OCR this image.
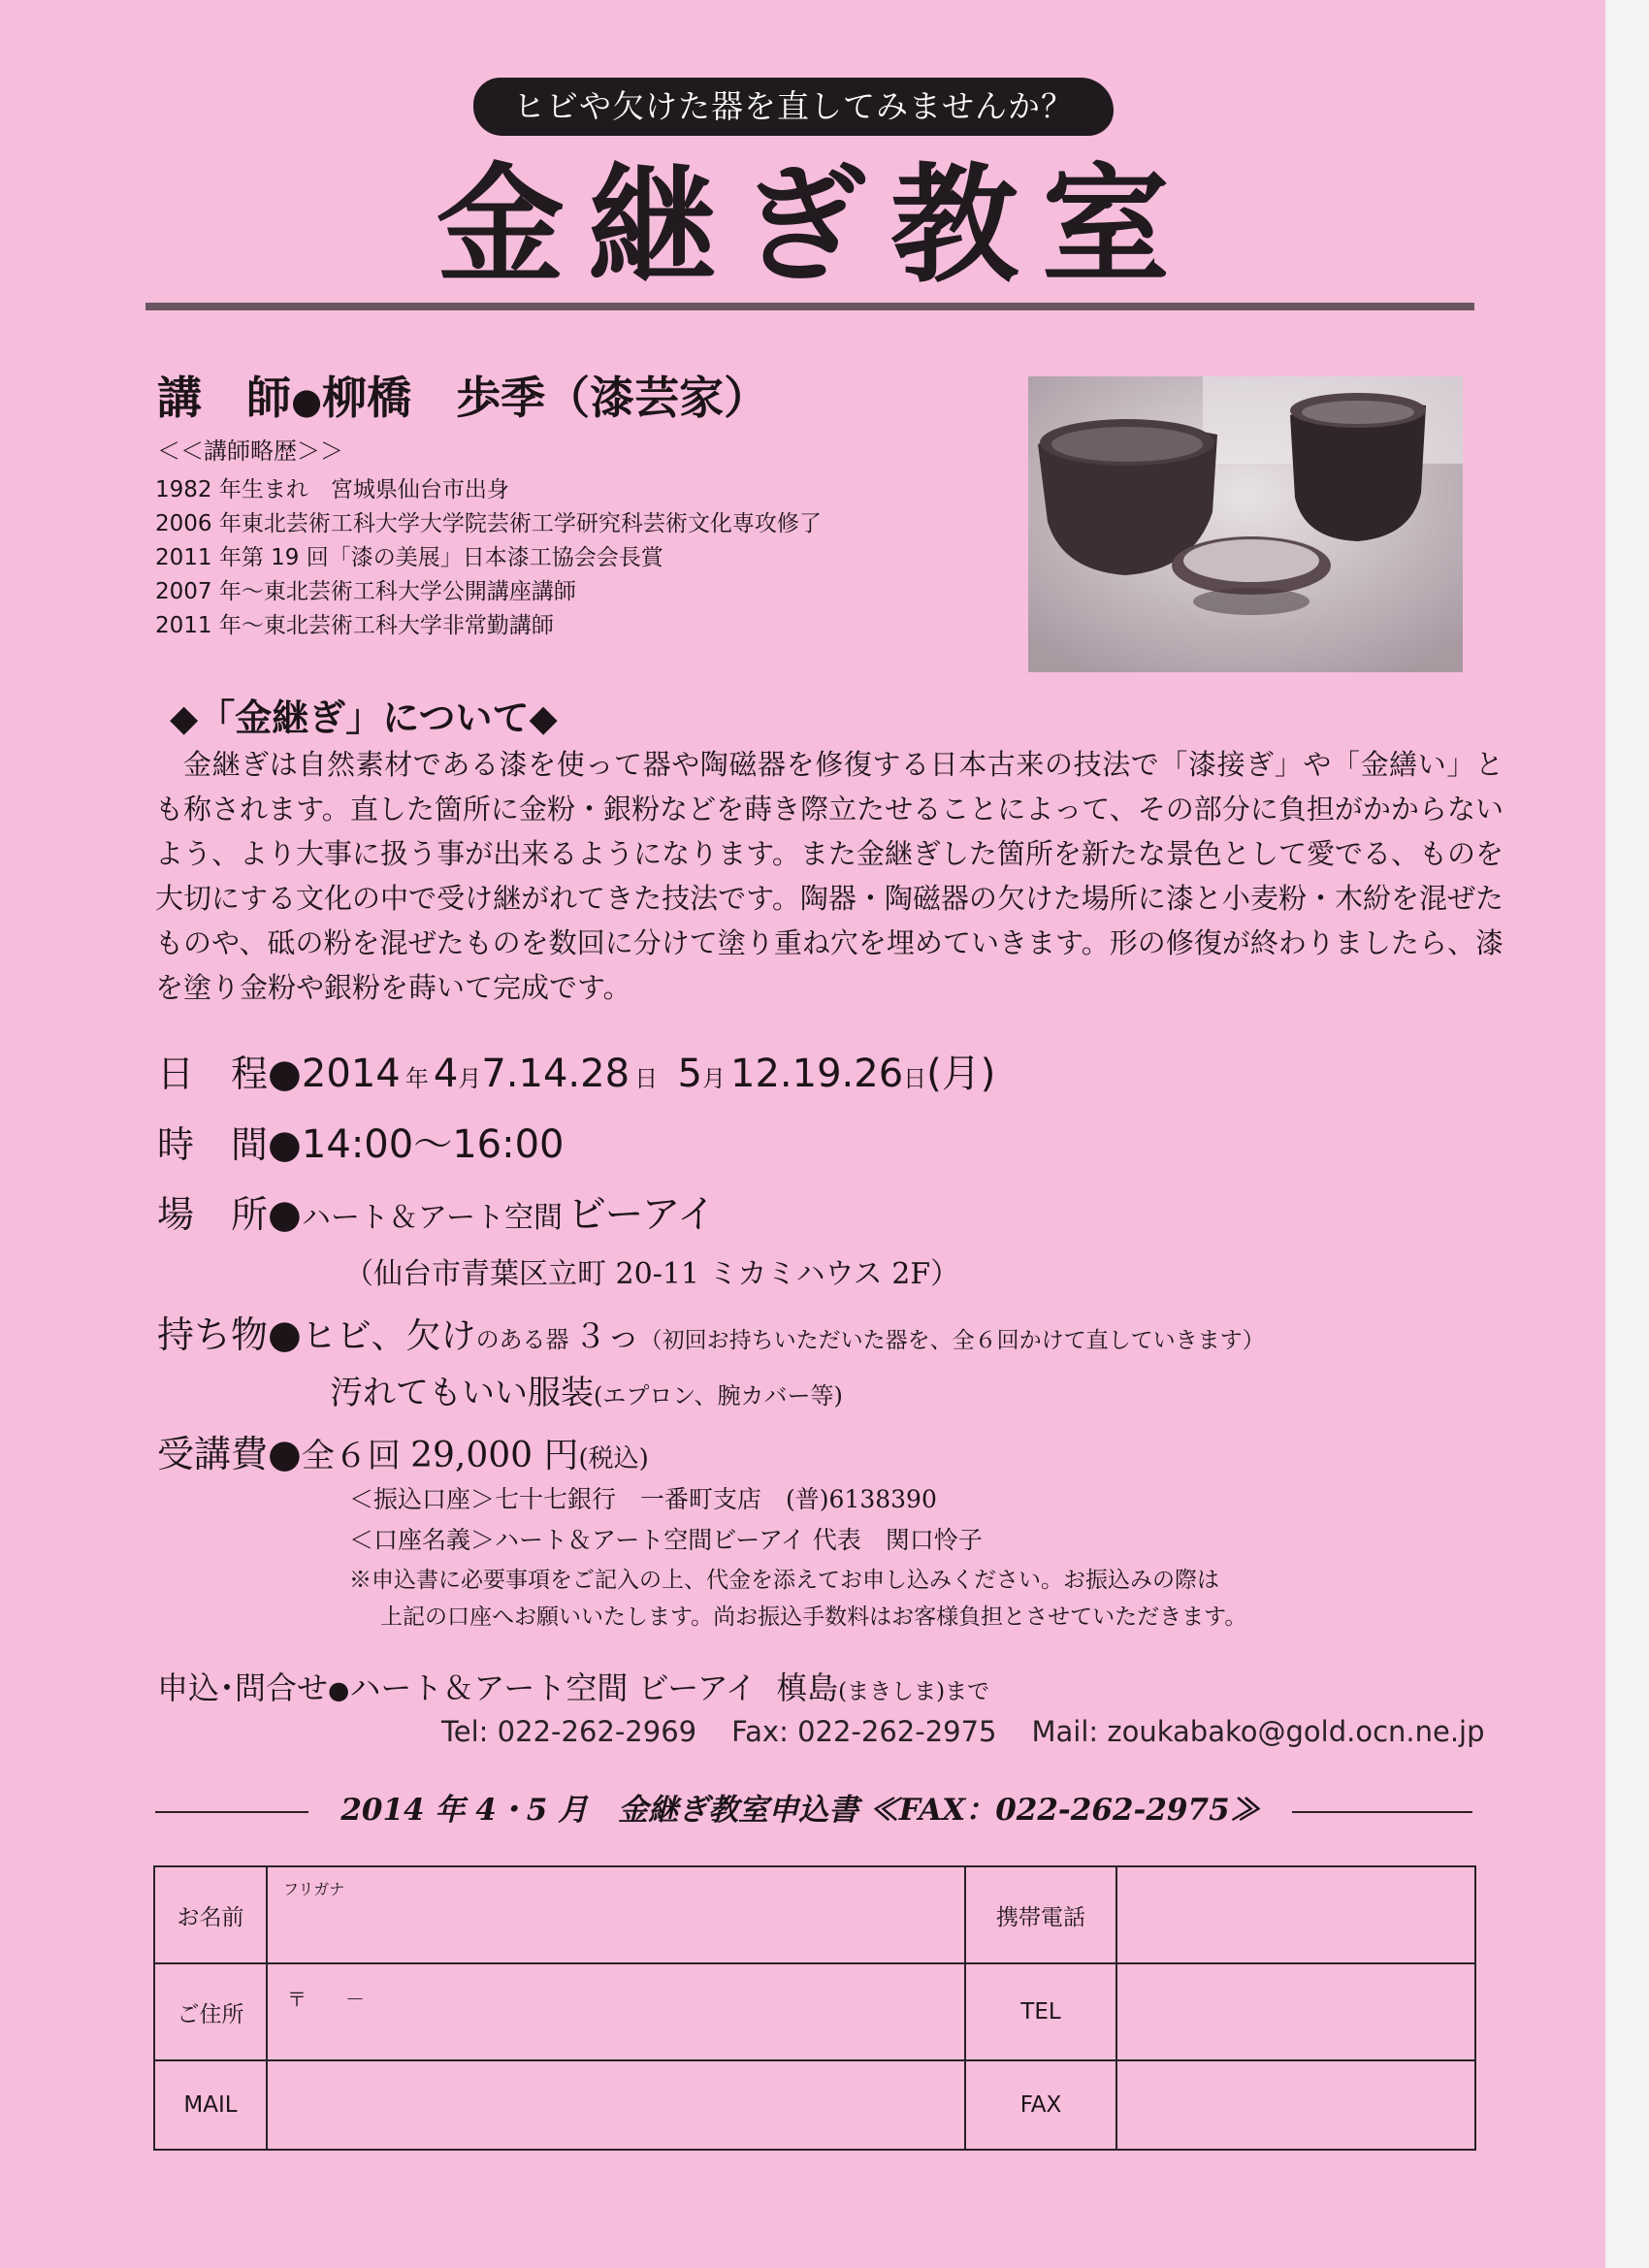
ヒビや欠けた器を直してみませんか？
金継ぎ教室
講　師●柳橋　歩季（漆芸家）
＜＜講師略歴＞＞
1982 年生まれ　宮城県仙台市出身
2006 年東北芸術工科大学大学院芸術工学研究科芸術文化専攻修了
2011 年第 19 回「漆の美展」日本漆工協会会長賞
2007 年～東北芸術工科大学公開講座講師
2011 年～東北芸術工科大学非常勤講師
◆「金継ぎ」について◆
金継ぎは自然素材である漆を使って器や陶磁器を修復する日本古来の技法で「漆接ぎ」や「金繕い」とも称されます。直した箇所に金粉・銀粉などを蒔き際立たせることによって、その部分に負担がかからないよう、より大事に扱う事が出来るようになります。また金継ぎした箇所を新たな景色として愛でる、ものを大切にする文化の中で受け継がれてきた技法です。陶器・陶磁器の欠けた場所に漆と小麦粉・木紛を混ぜたものや、砥の粉を混ぜたものを数回に分けて塗り重ね穴を埋めていきます。形の修復が終わりましたら、漆を塗り金粉や銀粉を蒔いて完成です。
日　程●2014 年 4月7.14.28 日 5月 12.19.26日(月)
時　間●14:00～16:00
場　所●ハート＆アート空間 ビーアイ
（仙台市青葉区立町 20-11 ミカミハウス 2F）
持ち物●ヒビ、欠けのある器 ３っ（初回お持ちいただいた器を、全６回かけて直していきます）
汚れてもいい服装(エプロン、腕カバー等)
受講費●全６回 29,000 円(税込)
＜振込口座＞七十七銀行　一番町支店　(普)6138390
＜口座名義＞ハート＆アート空間ビーアイ 代表　関口怜子
※申込書に必要事項をご記入の上、代金を添えてお申し込みください。お振込みの際は
上記の口座へお願いいたします。尚お振込手数料はお客様負担とさせていただきます。
申込･問合せ●ハート＆アート空間 ビーアイ 槙島(まきしま)まで
Tel: 022-262-2969 Fax: 022-262-2975 Mail: zoukabako@gold.ocn.ne.jp
2014 年 4・5 月　金継ぎ教室申込書 ≪FAX：022-262-2975≫
お名前	フリガナ	携帯電話	
ご住所	〒　　－	TEL	
MAIL		FAX	
